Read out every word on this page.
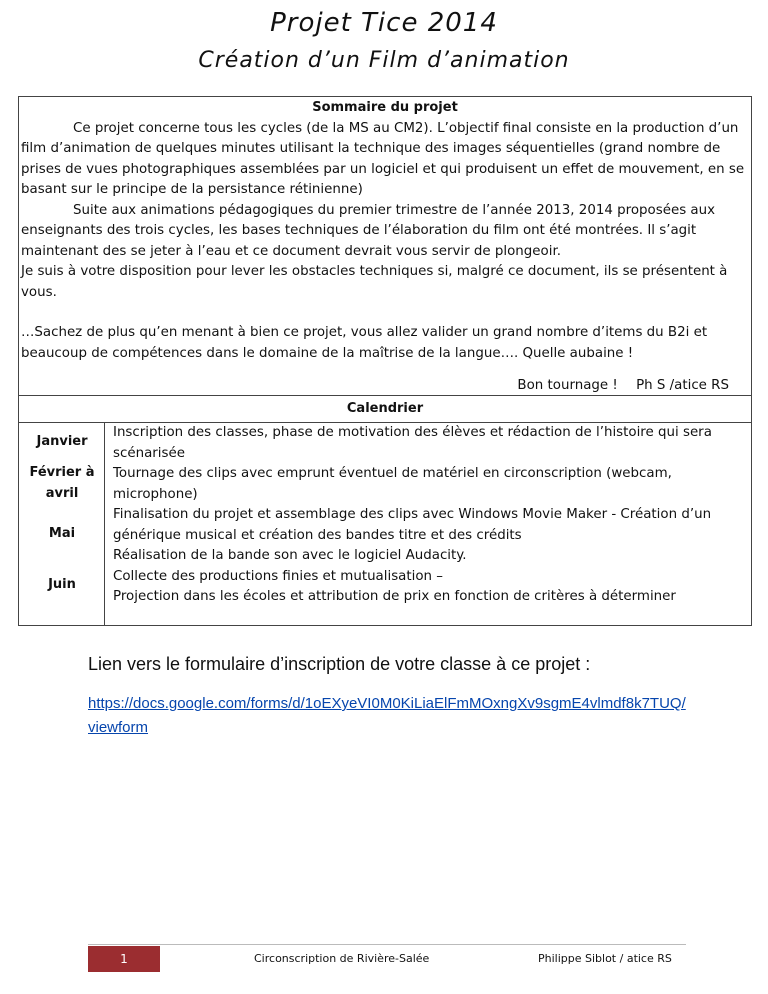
Projet Tice 2014
Création d’un Film d’animation
Sommaire du projet

Ce projet concerne tous les cycles (de la MS au CM2). L’objectif final consiste en la production d’un film d’animation de quelques minutes utilisant la technique des images séquentielles (grand nombre de prises de vues photographiques assemblées par un logiciel et qui produisent un effet de mouvement, en se basant sur le principe de la persistance rétinienne)

Suite aux animations pédagogiques du premier trimestre de l’année 2013, 2014 proposées aux enseignants des trois cycles, les bases techniques de l’élaboration du film ont été montrées. Il s’agit maintenant des se jeter à l’eau et ce document devrait vous servir de plongeoir.

Je suis à votre disposition pour lever les obstacles techniques si, malgré ce document, ils se présentent à vous.

…Sachez de plus qu’en menant à bien ce projet, vous allez valider un grand nombre d’items du B2i et beaucoup de compétences dans le domaine de la maîtrise de la langue…. Quelle aubaine !

Bon tournage ! Ph S /atice RS
Calendrier
Janvier
Février à avril
Mai
Juin

Inscription des classes, phase de motivation des élèves et rédaction de l’histoire qui sera scénarisée

Tournage des clips avec emprunt éventuel de matériel en circonscription (webcam, microphone)

Finalisation du projet et assemblage des clips avec Windows Movie Maker - Création d’un générique musical et création des bandes titre et des crédits

Réalisation de la bande son avec le logiciel Audacity.

Collecte des productions finies et mutualisation –

Projection dans les écoles et attribution de prix en fonction de critères à déterminer

Lien vers le formulaire d’inscription de votre classe à ce projet :
https://docs.google.com/forms/d/1oEXyeVI0M0KiLiaElFmMOxngXv9sgmE4vlmdf8k7TUQ/viewform
1	Circonscription de Rivière-Salée	Philippe Siblot / atice RS
